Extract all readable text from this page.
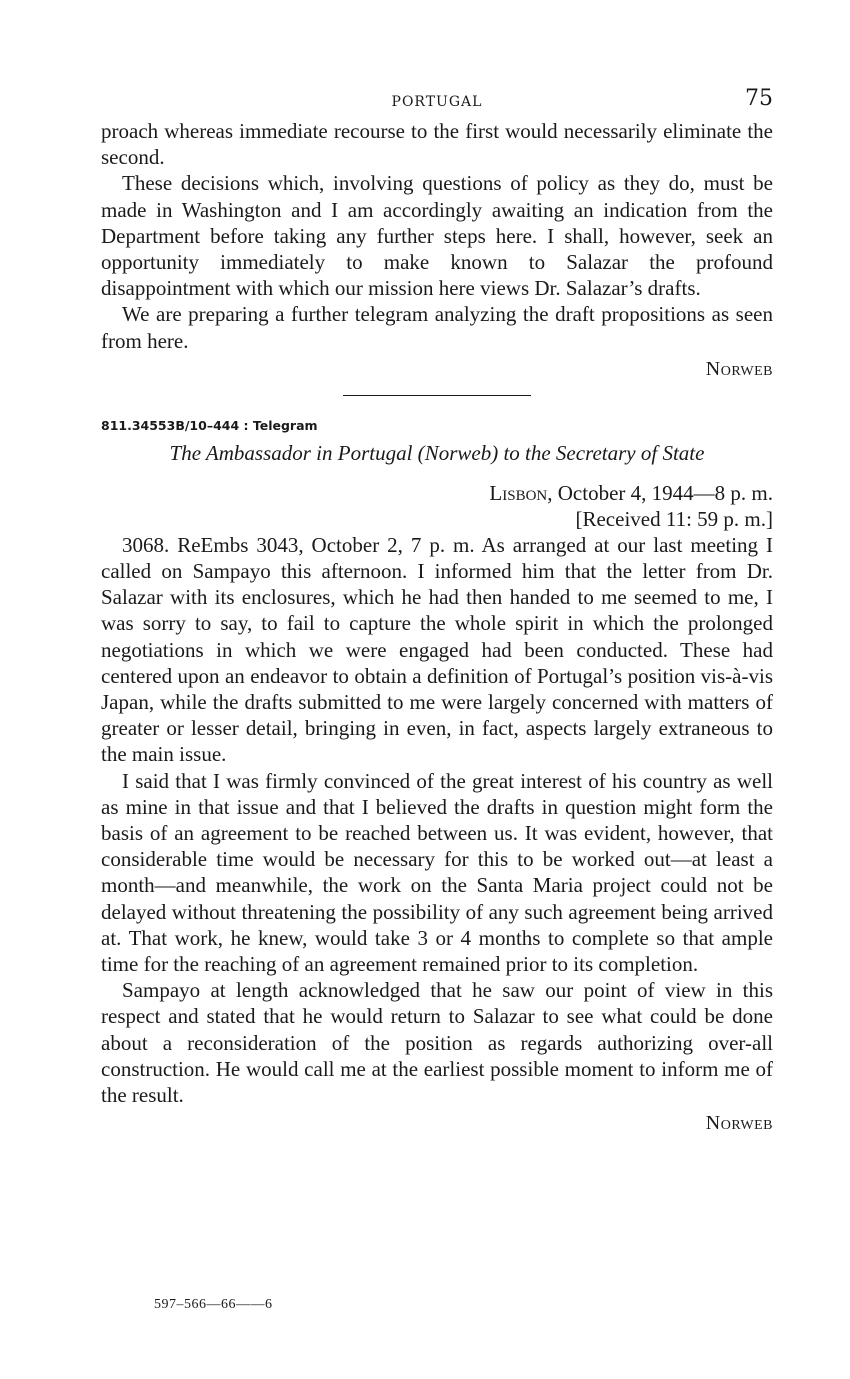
PORTUGAL	75

proach whereas immediate recourse to the first would necessarily eliminate the second.

These decisions which, involving questions of policy as they do, must be made in Washington and I am accordingly awaiting an indication from the Department before taking any further steps here. I shall, however, seek an opportunity immediately to make known to Salazar the profound disappointment with which our mission here views Dr. Salazar’s drafts.

We are preparing a further telegram analyzing the draft propositions as seen from here.

Norweb
811.34553B/10–444 : Telegram
The Ambassador in Portugal (Norweb) to the Secretary of State
Lisbon, October 4, 1944—8 p. m.
[Received 11: 59 p. m.]

3068. ReEmbs 3043, October 2, 7 p. m. As arranged at our last meeting I called on Sampayo this afternoon. I informed him that the letter from Dr. Salazar with its enclosures, which he had then handed to me seemed to me, I was sorry to say, to fail to capture the whole spirit in which the prolonged negotiations in which we were engaged had been conducted. These had centered upon an endeavor to obtain a definition of Portugal’s position vis-à-vis Japan, while the drafts submitted to me were largely concerned with matters of greater or lesser detail, bringing in even, in fact, aspects largely extraneous to the main issue.

I said that I was firmly convinced of the great interest of his country as well as mine in that issue and that I believed the drafts in question might form the basis of an agreement to be reached between us. It was evident, however, that considerable time would be necessary for this to be worked out—at least a month—and meanwhile, the work on the Santa Maria project could not be delayed without threatening the possibility of any such agreement being arrived at. That work, he knew, would take 3 or 4 months to complete so that ample time for the reaching of an agreement remained prior to its completion.

Sampayo at length acknowledged that he saw our point of view in this respect and stated that he would return to Salazar to see what could be done about a reconsideration of the position as regards authorizing over-all construction. He would call me at the earliest possible moment to inform me of the result.

Norweb
597–566—66——6
